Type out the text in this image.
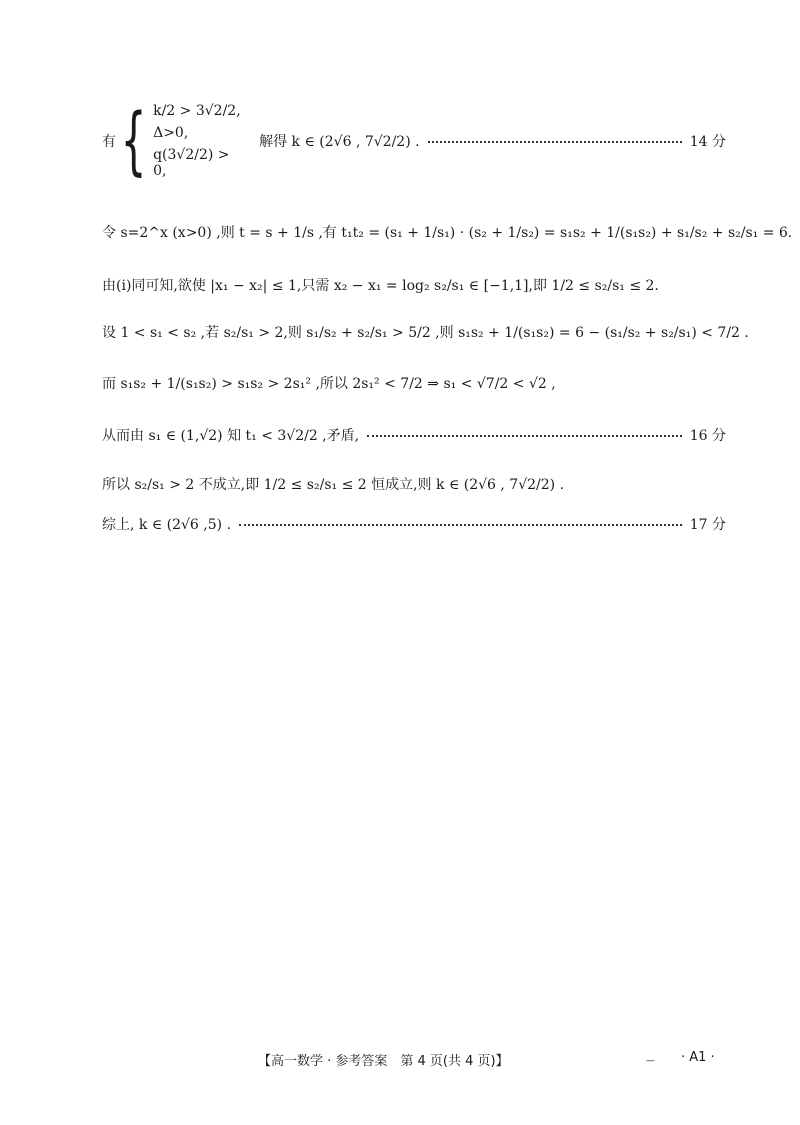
有 { k/2 > 3√2/2,
Δ>0,
q(3√2/2) > 0,
解得 k ∈ (2√6 , 7√2/2) .	14 分
令 s=2^x (x>0) ,则 t = s + 1/s ,有 t₁t₂ = (s₁ + 1/s₁) · (s₂ + 1/s₂) = s₁s₂ + 1/(s₁s₂) + s₁/s₂ + s₂/s₁ = 6.
由(ⅰ)同可知,欲使 |x₁ − x₂| ≤ 1,只需 x₂ − x₁ = log₂ s₂/s₁ ∈ [−1,1],即 1/2 ≤ s₂/s₁ ≤ 2.
设 1 < s₁ < s₂ ,若 s₂/s₁ > 2,则 s₁/s₂ + s₂/s₁ > 5/2 ,则 s₁s₂ + 1/(s₁s₂) = 6 − (s₁/s₂ + s₂/s₁) < 7/2 .
而 s₁s₂ + 1/(s₁s₂) > s₁s₂ > 2s₁² ,所以 2s₁² < 7/2 ⇒ s₁ < √7/2 < √2 ,
从而由 s₁ ∈ (1,√2) 知 t₁ < 3√2/2 ,矛盾,	16 分
所以 s₂/s₁ > 2 不成立,即 1/2 ≤ s₂/s₁ ≤ 2 恒成立,则 k ∈ (2√6 , 7√2/2) .
综上, k ∈ (2√6 ,5) .	17 分
【高一数学 · 参考答案　第 4 页(共 4 页)】	— · A1 ·
